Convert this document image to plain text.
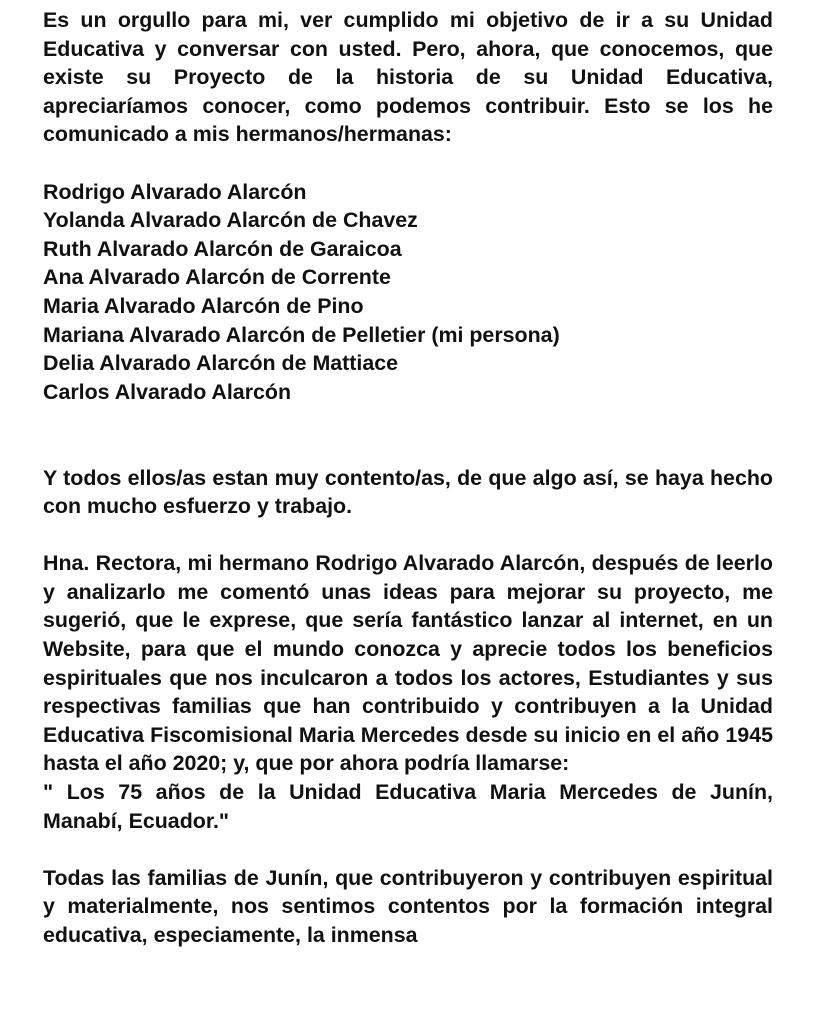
Es un orgullo para mi, ver cumplido mi objetivo de ir a su Unidad Educativa y conversar con usted. Pero, ahora, que conocemos, que existe su Proyecto de la historia de su Unidad Educativa, apreciaríamos conocer, como podemos contribuir. Esto se los he comunicado a mis hermanos/hermanas:

Rodrigo Alvarado Alarcón
Yolanda Alvarado Alarcón de Chavez
Ruth Alvarado Alarcón de Garaicoa
Ana Alvarado Alarcón de Corrente
Maria Alvarado Alarcón de Pino
Mariana Alvarado Alarcón de Pelletier (mi persona)
Delia Alvarado Alarcón de Mattiace
Carlos Alvarado Alarcón

Y todos ellos/as estan muy contento/as, de que algo así, se haya hecho con mucho esfuerzo y trabajo.

Hna. Rectora, mi hermano Rodrigo Alvarado Alarcón, después de leerlo y analizarlo me comentó unas ideas para mejorar su proyecto, me sugerió, que le exprese, que sería fantástico lanzar al internet, en un Website, para que el mundo conozca y aprecie todos los beneficios espirituales que nos inculcaron a todos los actores, Estudiantes y sus respectivas familias que han contribuido y contribuyen a la Unidad Educativa Fiscomisional Maria Mercedes desde su inicio en el año 1945 hasta el año 2020; y, que por ahora podría llamarse:
" Los 75 años de la Unidad Educativa Maria Mercedes de Junín, Manabí, Ecuador."

Todas las familias de Junín, que contribuyeron y contribuyen espiritual y materialmente, nos sentimos contentos por la formación integral educativa, especiamente, la inmensa
